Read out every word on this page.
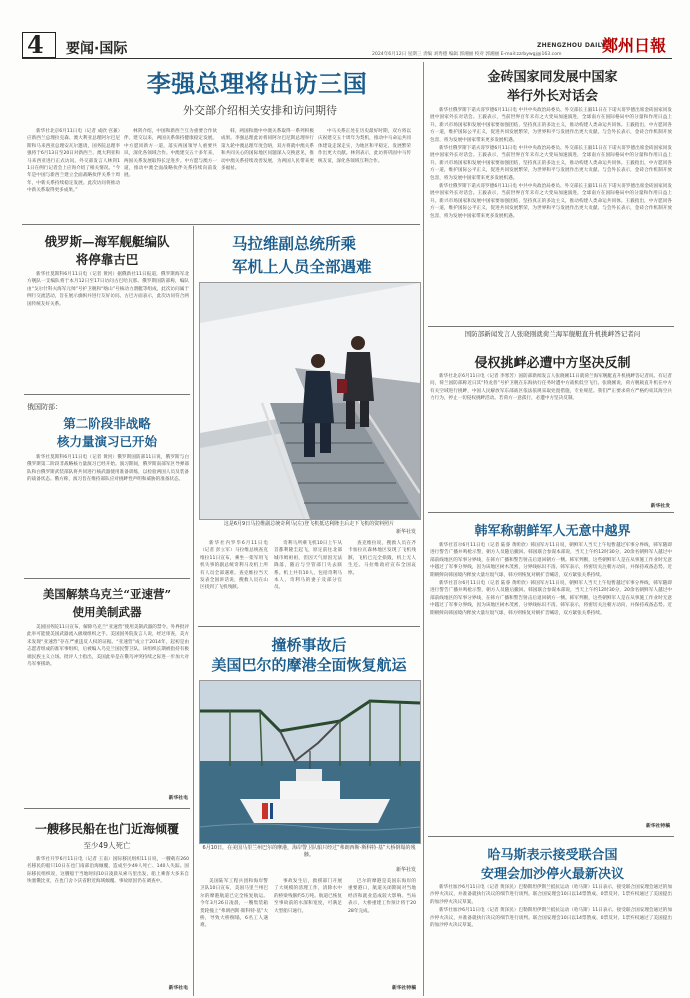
4 要闻·国际	ZHENGZHOU DAILY
鄭州日報
2024年6月12日 星期三 责编 刘秀德 编辑 郭湘丽 校对 郭湘丽 E-mail:zzrbywgj@163.com
李强总理将出访三国
外交部介绍相关安排和访问期待

新华社北京6月11日电（记者 成欣 宫兼）应新西兰总理拉克森、澳大利亚总理阿尔巴尼斯和马来西亚总理安瓦尔邀请，国务院总理李强将于6月13日至20日对新西兰、澳大利亚和马来西亚进行正式访问。外交部发言人林剑11日在例行记者会上应询介绍了相关情况。“今年是中国与新西兰建立全面战略伙伴关系十周年，中新关系持续稳定发展。此次访问将推动中新关系取得更多成果。”

林剑介绍，中国和新西兰互为重要合作伙伴。建交以来，两国关系保持健康稳定发展。中方愿同新方一道，落实两国领导人重要共识，深化各领域合作。中澳建交五十多年来，两国关系发展取得长足进步。中方愿与澳方一道，推动中澳全面战略伙伴关系持续向前发展。

韩，两国和澳中中澳关系取得一系列积极成果。李强总理此访将同阿尔巴尼斯总理举行第九轮中澳总理年度会晤，双方将就中澳关系和共同关心的国际地区问题深入交换意见，推动中澳关系持续改善发展，为两国人民带来更多福祉。

中马关系正处在历史最好时期，双方将以庆祝建交五十周年为契机，推动中马命运共同体建设走深走实，为地区和平稳定、发展繁荣作出更大贡献。林剑表示，此访将巩固中马传统友谊，深化各领域互利合作。

金砖国家同发展中国家
举行外长对话会

新华社俄罗斯下诺夫哥罗德6月11日电 中共中央政治局委员、外交部长王毅11日在下诺夫哥罗德出席金砖国家同发展中国家外长对话会。王毅表示，当前世界百年未有之大变局加速演进，全球南方在国际格局中的分量和作用日益上升。新兴市场国家和发展中国家要加强团结，坚持真正的多边主义，推动构建人类命运共同体。王毅指出，中方愿同各方一道，维护国际公平正义，促进共同发展繁荣，为世界和平与发展作出更大贡献。与会外长表示，金砖合作机制开放包容，将为发展中国家带来更多发展机遇。

新华社俄罗斯下诺夫哥罗德6月11日电 中共中央政治局委员、外交部长王毅11日在下诺夫哥罗德出席金砖国家同发展中国家外长对话会。王毅表示，当前世界百年未有之大变局加速演进，全球南方在国际格局中的分量和作用日益上升。新兴市场国家和发展中国家要加强团结，坚持真正的多边主义，推动构建人类命运共同体。王毅指出，中方愿同各方一道，维护国际公平正义，促进共同发展繁荣，为世界和平与发展作出更大贡献。与会外长表示，金砖合作机制开放包容，将为发展中国家带来更多发展机遇。

新华社俄罗斯下诺夫哥罗德6月11日电 中共中央政治局委员、外交部长王毅11日在下诺夫哥罗德出席金砖国家同发展中国家外长对话会。王毅表示，当前世界百年未有之大变局加速演进，全球南方在国际格局中的分量和作用日益上升。新兴市场国家和发展中国家要加强团结，坚持真正的多边主义，推动构建人类命运共同体。王毅指出，中方愿同各方一道，维护国际公平正义，促进共同发展繁荣，为世界和平与发展作出更大贡献。与会外长表示，金砖合作机制开放包容，将为发展中国家带来更多发展机遇。

国防部新闻发言人张晓刚就荷兰海军舰艇直升机挑衅答记者问
侵权挑衅必遭中方坚决反制

新华社北京6月11日电（记者 李寒芳）国防部新闻发言人张晓刚11日就荷兰海军舰艇直升机挑衅答记者问。有记者问，荷兰国防部称近日其“特龙普”号护卫舰在东海执行任务时遭中方战机低空飞行。张晓刚说，荷方舰载直升机在中方有关空域进行挑衅，中国人民解放军东部战区依法依规采取处置措施，专业规范。我们严正要求荷方严格约束其海空兵力行为，停止一切侵权挑衅活动。若荷方一意孤行，必遭中方坚决反制。

新华社发
韩军称朝鲜军人无意中越界

新华社首尔6月11日电（记者 陆睿 黄昕欣）韩国军方11日说，朝鲜军人当天上午短暂越过军事分界线，韩军随即进行警告广播并鸣枪示警，朝方人员随后撤回。韩国联合参谋本部说，当天上午约12时30分，20余名朝鲜军人越过中部前线地区的军事分界线，在韩方广播和警告射击后退回朝方一侧。韩军判断，这些朝鲜军人是在从事施工作业时无意中越过了军事分界线，因为该地区树木茂密，分界线标识不清。韩军表示，将密切关注朝方动向，并保持戒备态势。近期朝鲜向韩国境内释放大量垃圾气球，韩方则恢复对朝扩音喊话，双方紧张关系持续。

新华社首尔6月11日电（记者 陆睿 黄昕欣）韩国军方11日说，朝鲜军人当天上午短暂越过军事分界线，韩军随即进行警告广播并鸣枪示警，朝方人员随后撤回。韩国联合参谋本部说，当天上午约12时30分，20余名朝鲜军人越过中部前线地区的军事分界线，在韩方广播和警告射击后退回朝方一侧。韩军判断，这些朝鲜军人是在从事施工作业时无意中越过了军事分界线，因为该地区树木茂密，分界线标识不清。韩军表示，将密切关注朝方动向，并保持戒备态势。近期朝鲜向韩国境内释放大量垃圾气球，韩方则恢复对朝扩音喊话，双方紧张关系持续。

新华社特稿
哈马斯表示接受联合国
安理会加沙停火最新决议

新华社加沙6月11日电（记者 黄泽民）巴勒斯坦伊斯兰抵抗运动（哈马斯）11日表示，接受联合国安理会通过的加沙停火决议，并准备就执行决议的细节进行谈判。联合国安理会10日以14票赞成、0票反对、1票弃权通过了美国提出的加沙停火决议草案。

新华社加沙6月11日电（记者 黄泽民）巴勒斯坦伊斯兰抵抗运动（哈马斯）11日表示，接受联合国安理会通过的加沙停火决议，并准备就执行决议的细节进行谈判。联合国安理会10日以14票赞成、0票反对、1票弃权通过了美国提出的加沙停火决议草案。

俄罗斯—海军舰艇编队
将停靠古巴

新华社莫斯科6月11日电（记者 黄河）据俄新社11日报道，俄罗斯海军北方舰队一支编队将于本月12日至17日访问古巴哈瓦那。俄罗斯国防部称，编队由“戈尔什科夫海军元帅”号护卫舰和“喀山”号核动力潜艇等组成，此次访问属于例行交流活动，旨在展示旗帜并进行友好访问。古巴方面表示，此次访问符合两国传统友好关系。

俄国防部：
第二阶段非战略
核力量演习已开始

新华社莫斯科6月11日电（记者 黄河）俄罗斯国防部11日说，俄罗斯与白俄罗斯第二阶段非战略核力量演习已经开始。演习期间，俄罗斯南部军区导弹部队和白俄罗斯武装部队将共同进行核武器使用准备训练，以检验两国人员及装备的战备状态。俄方称，演习旨在维持部队应对挑衅性声明和威胁的准备状态。

美国解禁乌克兰“亚速营”
使用美制武器

美国国务院11日宣布，解除乌克兰“亚速营”使用美制武器的禁令。外界批评此举可能使美国武器流入极端组织之手。美国国务院发言人说，经过审查，美方未发现“亚速营”存在严重违反人权的证据。“亚速营”成立于2014年，起初是由志愿者组成的准军事组织，后被编入乌克兰国民警卫队。该组织长期被指持有极端民族主义立场。批评人士指出，美国此举是在俄乌冲突持续之际进一步加大对乌军事援助。

新华社电
一艘移民船在也门近海倾覆
至少49人死亡

新华社开罗6月11日电（记者 王南）国际移民组织11日说，一艘载有260名移民的船只10日在也门南部沿海倾覆，造成至少49人死亡、140人失踪。国际移民组织说，这艘船于当地时间10日凌晨从索马里出发，船上乘客大多来自埃塞俄比亚，在也门舍卜沃省附近海域倾覆。事故原因仍在调查中。

新华社电
马拉维副总统所乘
军机上人员全部遇难
这是6月9日马拉维副总统奇利马(左)登飞机抵达利隆圭后走下飞机的资料照片
新华社发

新华社内罗毕6月11日电（记者 彭立军）马拉维总统查克维拉11日宣布，乘坐一架军用飞机失事的副总统奇利马及机上所有人员全部遇难。查克维拉当天发表全国讲话说，搜救人员在山区找到了飞机残骸。

奇利马所乘飞机10日上午从首都利隆圭起飞，原定前往北部城市姆祖祖，但因天气原因无法降落，随后与空管部门失去联系。机上共有10人，包括奇利马本人、奇利马的妻子及部分官员。

查克维拉说，搜救人员在齐卡加拉瓦森林地区发现了飞机残骸，飞机已完全损毁，机上无人生还。马拉维政府宣布全国哀悼。

撞桥事故后
美国巴尔的摩港全面恢复航运
6月10日，在美国马里兰州巴尔的摩港，海岸警卫队船只经过“弗朗西斯·斯科特·基”大桥倒塌的残骸。
新华社发

美国陆军工程兵团和海岸警卫队10日宣布，美国马里兰州巴尔的摩港航道已完全恢复航运。今年3月26日凌晨，一艘集装箱货轮撞上“弗朗西斯·斯科特·基”大桥，导致大桥倒塌，6名工人遇难。

事故发生后，救援部门开展了大规模的清理工作，清除水中的桥梁残骸约5万吨。航道已恢复至事故前的水深和宽度，可满足大型船只通行。

巴尔的摩港是美国东海岸的重要港口，航道关闭期间对当地经济和就业造成较大影响。当局表示，大桥重建工作预计将于2028年完成。

新华社特稿
